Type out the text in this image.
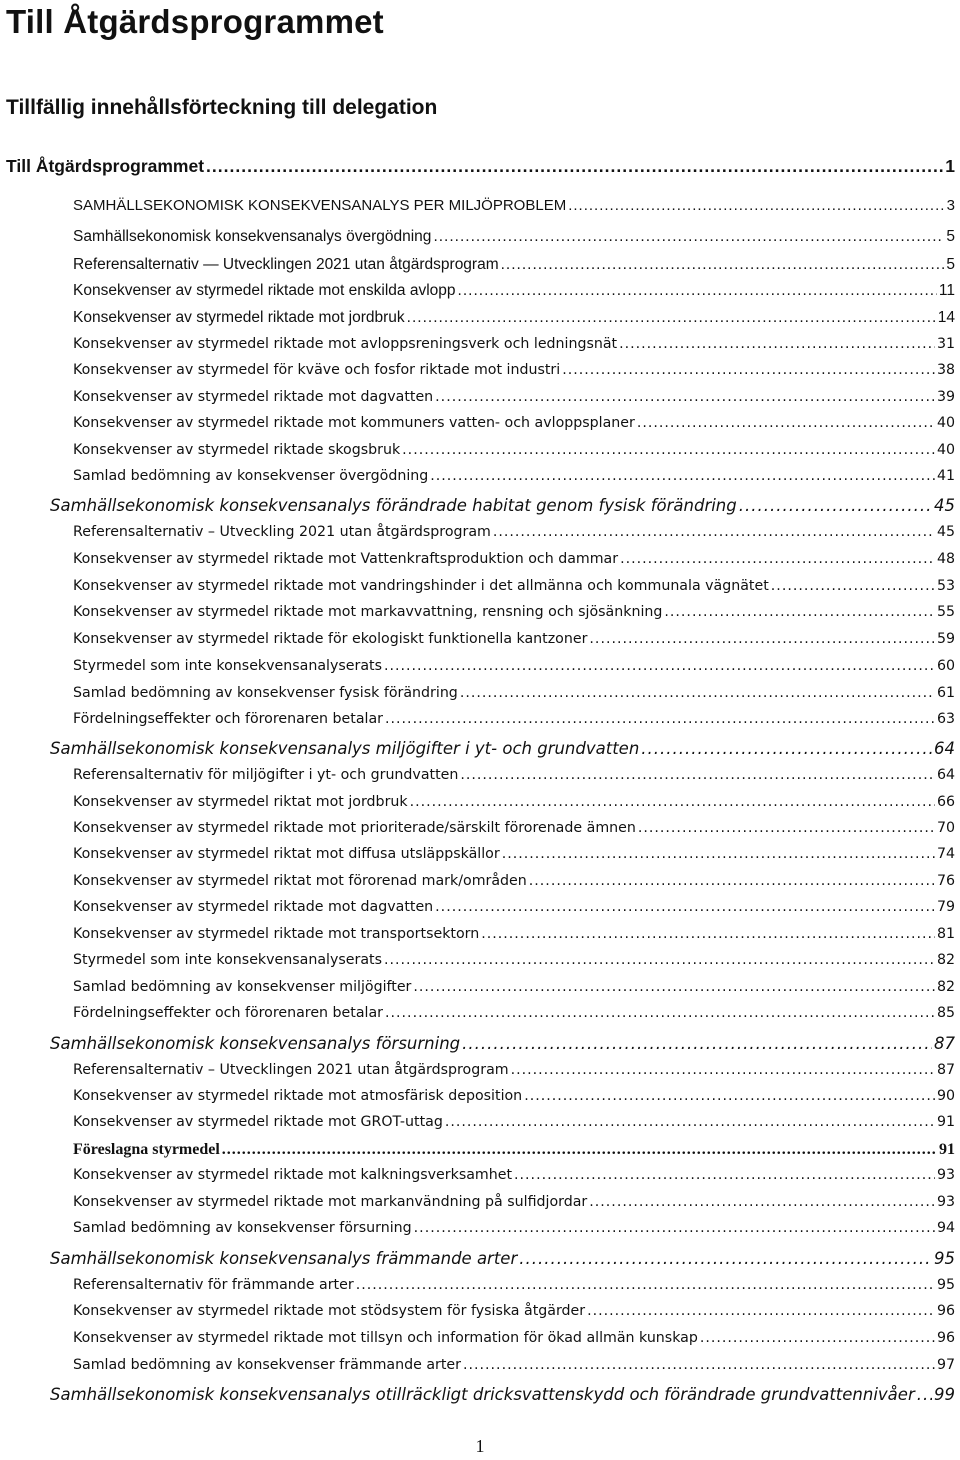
Till Åtgärdsprogrammet
Tillfällig innehållsförteckning till delegation
Till Åtgärdsprogrammet .....	1
SAMHÄLLSEKONOMISK KONSEKVENSANALYS PER MILJÖPROBLEM .....	3
Samhällsekonomisk konsekvensanalys övergödning .....	5
Referensalternativ — Utvecklingen 2021 utan åtgärdsprogram .....	5
Konsekvenser av styrmedel riktade mot enskilda avlopp .....	11
Konsekvenser av styrmedel riktade mot jordbruk .....	14
Konsekvenser av styrmedel riktade mot avloppsreningsverk och ledningsnät .....	31
Konsekvenser av styrmedel för kväve och fosfor riktade mot industri .....	38
Konsekvenser av styrmedel riktade mot dagvatten .....	39
Konsekvenser av styrmedel riktade mot kommuners vatten- och avloppsplaner .....	40
Konsekvenser av styrmedel riktade skogsbruk .....	40
Samlad bedömning av konsekvenser övergödning .....	41
Samhällsekonomisk konsekvensanalys förändrade habitat genom fysisk förändring .....	45
Referensalternativ – Utveckling 2021 utan åtgärdsprogram .....	45
Konsekvenser av styrmedel riktade mot Vattenkraftsproduktion och dammar .....	48
Konsekvenser av styrmedel riktade mot vandringshinder i det allmänna och kommunala vägnätet .....	53
Konsekvenser av styrmedel riktade mot markavvattning, rensning och sjösänkning .....	55
Konsekvenser av styrmedel riktade för ekologiskt funktionella kantzoner .....	59
Styrmedel som inte konsekvensanalyserats .....	60
Samlad bedömning av konsekvenser fysisk förändring .....	61
Fördelningseffekter och förorenaren betalar .....	63
Samhällsekonomisk konsekvensanalys miljögifter i yt- och grundvatten .....	64
Referensalternativ för miljögifter i yt- och grundvatten .....	64
Konsekvenser av styrmedel riktat mot jordbruk .....	66
Konsekvenser av styrmedel riktade mot prioriterade/särskilt förorenade ämnen .....	70
Konsekvenser av styrmedel riktat mot diffusa utsläppskällor .....	74
Konsekvenser av styrmedel riktat mot förorenad mark/områden .....	76
Konsekvenser av styrmedel riktade mot dagvatten .....	79
Konsekvenser av styrmedel riktade mot transportsektorn .....	81
Styrmedel som inte konsekvensanalyserats .....	82
Samlad bedömning av konsekvenser miljögifter .....	82
Fördelningseffekter och förorenaren betalar .....	85
Samhällsekonomisk konsekvensanalys försurning .....	87
Referensalternativ – Utvecklingen 2021 utan åtgärdsprogram .....	87
Konsekvenser av styrmedel riktade mot atmosfärisk deposition .....	90
Konsekvenser av styrmedel riktade mot GROT-uttag .....	91
Föreslagna styrmedel .....	91
Konsekvenser av styrmedel riktade mot kalkningsverksamhet .....	93
Konsekvenser av styrmedel riktade mot markanvändning på sulfidjordar .....	93
Samlad bedömning av konsekvenser försurning .....	94
Samhällsekonomisk konsekvensanalys främmande arter .....	95
Referensalternativ för främmande arter .....	95
Konsekvenser av styrmedel riktade mot stödsystem för fysiska åtgärder .....	96
Konsekvenser av styrmedel riktade mot tillsyn och information för ökad allmän kunskap .....	96
Samlad bedömning av konsekvenser främmande arter .....	97
Samhällsekonomisk konsekvensanalys otillräckligt dricksvattenskydd och förändrade grundvattennivåer ..... 99
1
